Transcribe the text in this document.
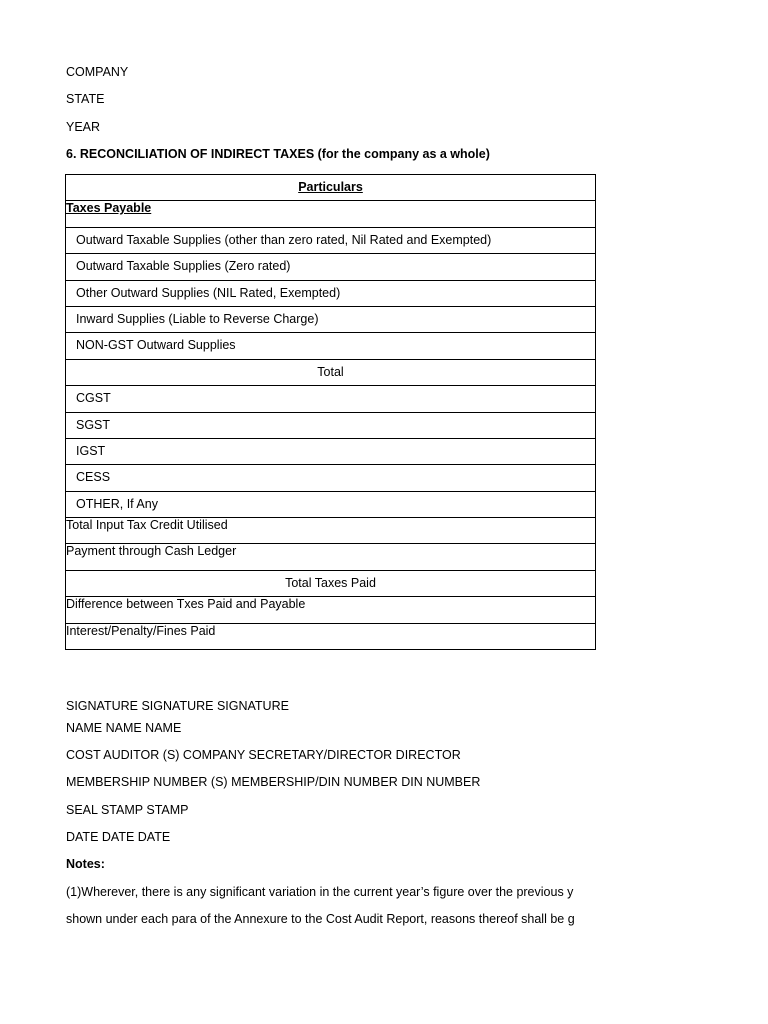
COMPANY
STATE
YEAR
6. RECONCILIATION OF INDIRECT TAXES (for the company as a whole)
Particulars
Taxes Payable
Outward Taxable Supplies (other than zero rated, Nil Rated and Exempted)
Outward Taxable Supplies (Zero rated)
Other Outward Supplies (NIL Rated, Exempted)
Inward Supplies (Liable to Reverse Charge)
NON-GST Outward Supplies
Total
CGST
SGST
IGST
CESS
OTHER, If Any
Total Input Tax Credit Utilised
Payment through Cash Ledger
Total Taxes Paid
Difference between Txes Paid and Payable
Interest/Penalty/Fines Paid
SIGNATURE SIGNATURE SIGNATURE
NAME NAME NAME
COST AUDITOR (S) COMPANY SECRETARY/DIRECTOR DIRECTOR
MEMBERSHIP NUMBER (S) MEMBERSHIP/DIN NUMBER DIN NUMBER
SEAL STAMP STAMP
DATE DATE DATE
Notes:
(1)Wherever, there is any significant variation in the current year’s figure over the previous y
shown under each para of the Annexure to the Cost Audit Report, reasons thereof shall be g
